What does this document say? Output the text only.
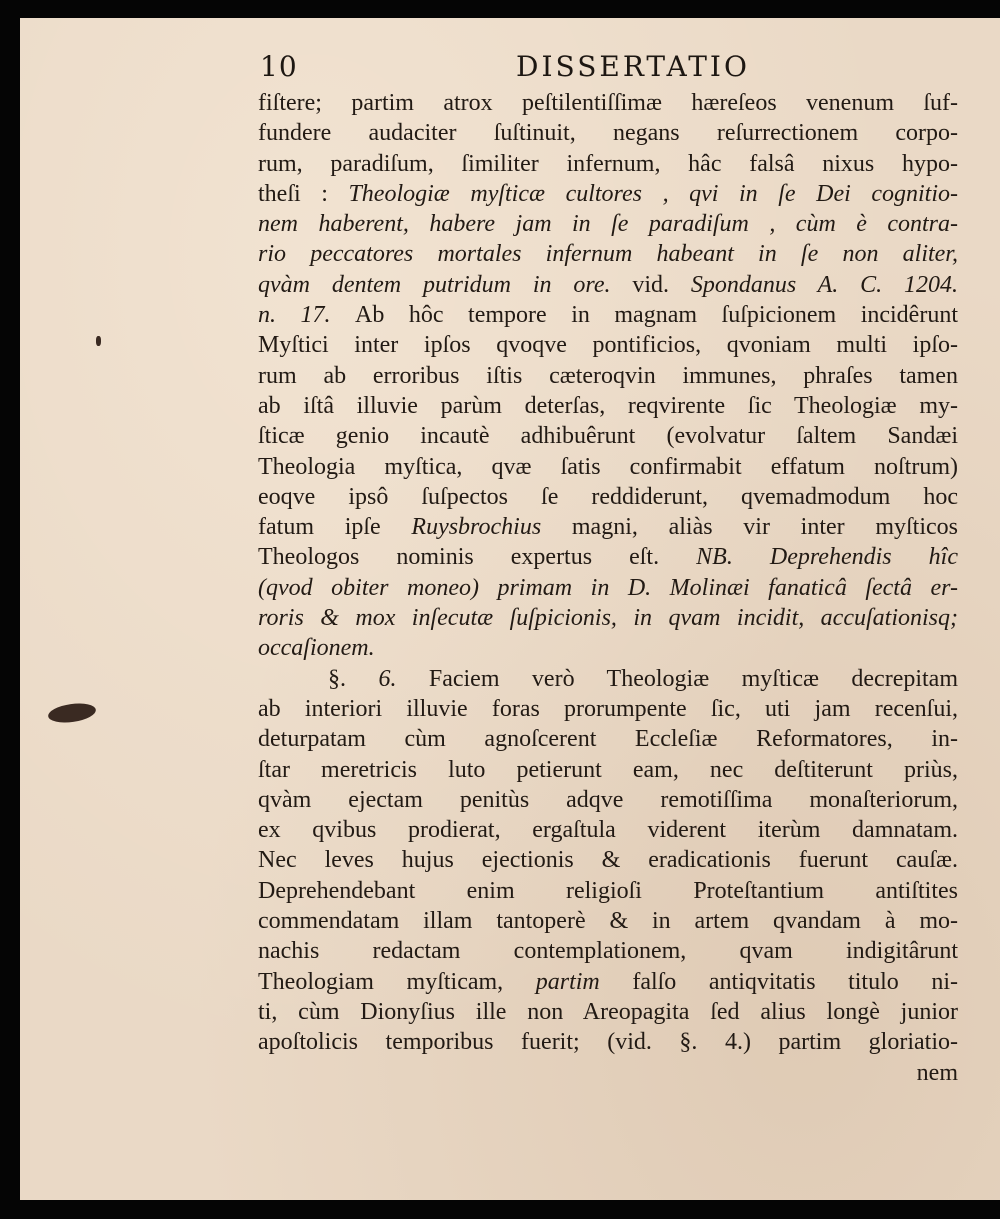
10	DISSERTATIO
fiſtere; partim atrox peſtilentiſſimæ hæreſeos venenum ſuf-
fundere audaciter ſuſtinuit, negans reſurrectionem corpo-
rum, paradiſum, ſimiliter infernum, hâc falsâ nixus hypo-
theſi : Theologiæ myſticæ cultores , qvi in ſe Dei cognitio-
nem haberent, habere jam in ſe paradiſum , cùm è contra-
rio peccatores mortales infernum habeant in ſe non aliter,
qvàm dentem putridum in ore. vid. Spondanus A. C. 1204.
n. 17. Ab hôc tempore in magnam ſuſpicionem incidêrunt
Myſtici inter ipſos qvoqve pontificios, qvoniam multi ipſo-
rum ab erroribus iſtis cæteroqvin immunes, phraſes tamen
ab iſtâ illuvie parùm deterſas, reqvirente ſic Theologiæ my-
ſticæ genio incautè adhibuêrunt (evolvatur ſaltem Sandæi
Theologia myſtica, qvæ ſatis confirmabit effatum noſtrum)
eoqve ipsô ſuſpectos ſe reddiderunt, qvemadmodum hoc
fatum ipſe Ruysbrochius magni, aliàs vir inter myſticos
Theologos nominis expertus eſt. NB. Deprehendis hîc
(qvod obiter moneo) primam in D. Molinæi fanaticâ ſectâ er-
roris & mox inſecutæ ſuſpicionis, in qvam incidit, accuſationisq;
occaſionem.
§. 6. Faciem verò Theologiæ myſticæ decrepitam
ab interiori illuvie foras prorumpente ſic, uti jam recenſui,
deturpatam cùm agnoſcerent Eccleſiæ Reformatores, in-
ſtar meretricis luto petierunt eam, nec deſtiterunt priùs,
qvàm ejectam penitùs adqve remotiſſima monaſteriorum,
ex qvibus prodierat, ergaſtula viderent iterùm damnatam.
Nec leves hujus ejectionis & eradicationis fuerunt cauſæ.
Deprehendebant enim religioſi Proteſtantium antiſtites
commendatam illam tantoperè & in artem qvandam à mo-
nachis redactam contemplationem, qvam indigitârunt
Theologiam myſticam, partim falſo antiqvitatis titulo ni-
ti, cùm Dionyſius ille non Areopagita ſed alius longè junior
apoſtolicis temporibus fuerit; (vid. §. 4.) partim gloriatio-
nem
